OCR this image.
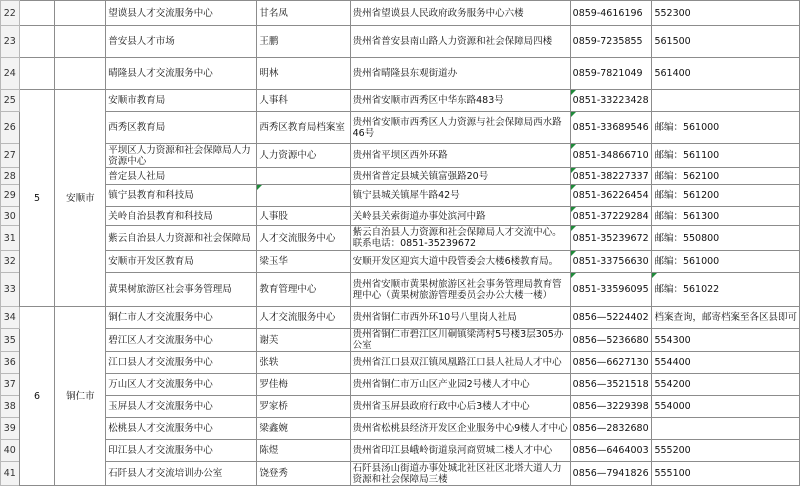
22			望谟县人才交流服务中心	甘名凤	贵州省望谟县人民政府政务服务中心六楼	0859-4616196	552300
23			普安县人才市场	王鹏	贵州省普安县南山路人力资源和社会保障局四楼	0859-7235855	561500
24			晴隆县人才交流服务中心	明林	贵州省晴隆县东观街道办	0859-7821049	561400
25	5	安顺市	安顺市教育局	人事科	贵州省安顺市西秀区中华东路483号	0851-33223428	
26			西秀区教育局	西秀区教育局档案室	贵州省安顺市西秀区人力资源与社会保障局西水路46号	0851-33689546	邮编：561000
27			平坝区人力资源和社会保障局人力资源中心	人力资源中心	贵州省平坝区西外环路	0851-34866710	邮编：561100
28			普定县人社局		贵州省普定县城关镇富强路20号	0851-38227337	邮编：562100
29			镇宁县教育和科技局		镇宁县城关镇犀牛路42号	0851-36226454	邮编：561200
30			关岭自治县教育和科技局	人事股	关岭县关索街道办事处滨河中路	0851-37229284	邮编：561300
31			紫云自治县人力资源和社会保障局	人才交流服务中心	紫云自治县人力资源和社会保障局人才交流中心。联系电话：0851-35239672	0851-35239672	邮编：550800
32			安顺市开发区教育局	梁玉华	安顺开发区迎宾大道中段管委会大楼6楼教育局。	0851-33756630	邮编：561000
33			黄果树旅游区社会事务管理局	教育管理中心	贵州省安顺市黄果树旅游区社会事务管理局教育管理中心（黄果树旅游管理委员会办公大楼一楼）	0851-33596095	邮编：561022
34	6	铜仁市	铜仁市人才交流服务中心	人才交流服务中心	贵州省铜仁市西外环10号八里岗人社局	0856—5224402	档案查询，邮寄档案至各区县即可
35			碧江区人才交流服务中心	谢芙	贵州省铜仁市碧江区川硐镇梁湾村5号楼3层305办公室	0856—5236680	554300
36			江口县人才交流服务中心	张轶	贵州省江口县双江镇凤凰路江口县人社局人才中心	0856—6627130	554400
37			万山区人才交流服务中心	罗佳梅	贵州省铜仁市万山区产业园2号楼人才中心	0856—3521518	554200
38			玉屏县人才交流服务中心	罗家桥	贵州省玉屏县政府行政中心后3楼人才中心	0856—3229398	554000
39			松桃县人才交流服务中心	梁鑫婉	贵州省松桃县经济开发区企业服务中心9楼人才中心	0856—2832680	
40			印江县人才交流服务中心	陈煜	贵州省印江县峨岭街道泉河商贸城二楼人才中心	0856—6464003	555200
41			石阡县人才交流培训办公室	饶登秀	石阡县汤山街道办事处城北社区社区北塔大道人力资源和社会保障局三楼	0856—7941826	555100
